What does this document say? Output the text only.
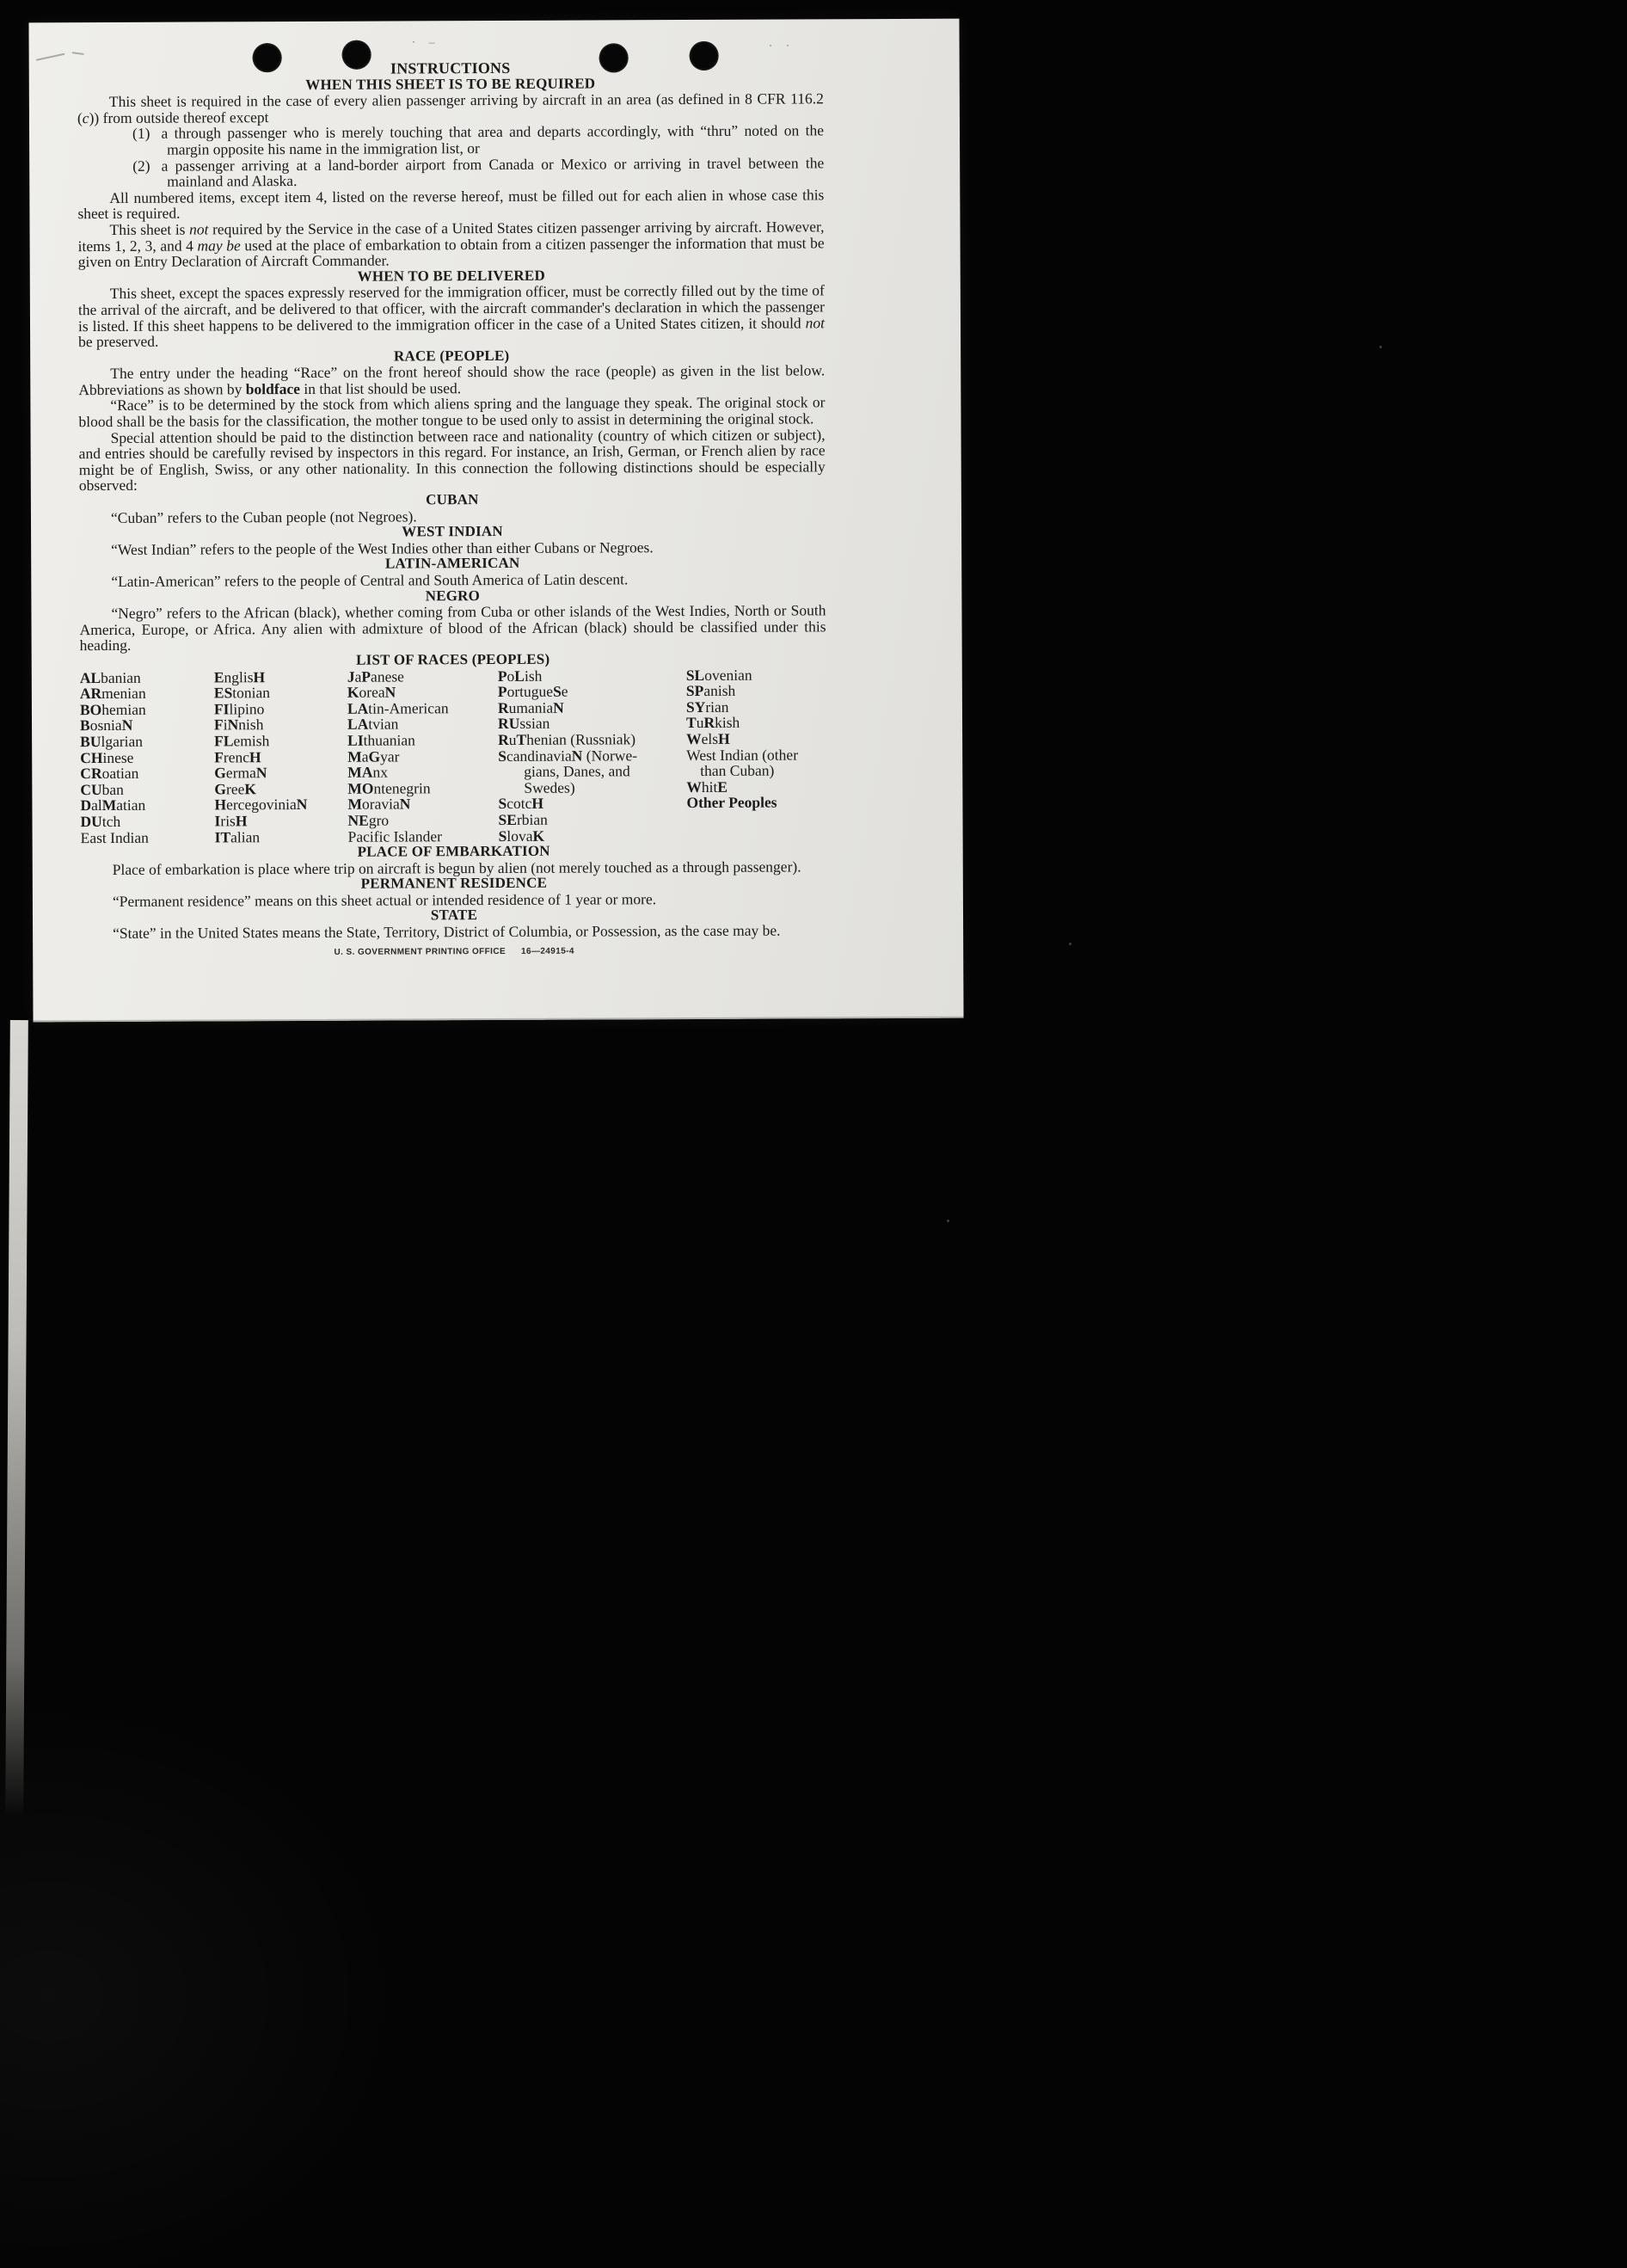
· ·
· –
INSTRUCTIONS
WHEN THIS SHEET IS TO BE REQUIRED
This sheet is required in the case of every alien passenger arriving by aircraft in an area (as defined in 8 CFR 116.2 (c)) from outside thereof except
(1) a through passenger who is merely touching that area and departs accordingly, with “thru” noted on the margin opposite his name in the immigration list, or
(2) a passenger arriving at a land-border airport from Canada or Mexico or arriving in travel between the mainland and Alaska.
All numbered items, except item 4, listed on the reverse hereof, must be filled out for each alien in whose case this sheet is required.
This sheet is not required by the Service in the case of a United States citizen passenger arriving by aircraft. However, items 1, 2, 3, and 4 may be used at the place of embarkation to obtain from a citizen passenger the information that must be given on Entry Declaration of Aircraft Commander.
WHEN TO BE DELIVERED
This sheet, except the spaces expressly reserved for the immigration officer, must be correctly filled out by the time of the arrival of the aircraft, and be delivered to that officer, with the aircraft commander's declaration in which the passenger is listed. If this sheet happens to be delivered to the immigration officer in the case of a United States citizen, it should not be preserved.
RACE (PEOPLE)
The entry under the heading “Race” on the front hereof should show the race (people) as given in the list below. Abbreviations as shown by boldface in that list should be used.
“Race” is to be determined by the stock from which aliens spring and the language they speak. The original stock or blood shall be the basis for the classification, the mother tongue to be used only to assist in determining the original stock.
Special attention should be paid to the distinction between race and nationality (country of which citizen or subject), and entries should be carefully revised by inspectors in this regard. For instance, an Irish, German, or French alien by race might be of English, Swiss, or any other nationality. In this connection the following distinctions should be especially observed:
CUBAN
“Cuban” refers to the Cuban people (not Negroes).
WEST INDIAN
“West Indian” refers to the people of the West Indies other than either Cubans or Negroes.
LATIN-AMERICAN
“Latin-American” refers to the people of Central and South America of Latin descent.
NEGRO
“Negro” refers to the African (black), whether coming from Cuba or other islands of the West Indies, North or South America, Europe, or Africa. Any alien with admixture of blood of the African (black) should be classified under this heading.
LIST OF RACES (PEOPLES)
ALbanian
ARmenian
BOhemian
BosniaN
BUlgarian
CHinese
CRoatian
CUban
DalMatian
DUtch
East Indian
EnglisH
EStonian
FIlipino
FiNnish
FLemish
FrencH
GermaN
GreeK
HercegoviniaN
IrisH
ITalian
JaPanese
KoreaN
LAtin-American
LAtvian
LIthuanian
MaGyar
MAnx
MOntenegrin
MoraviaN
NEgro
Pacific Islander
PoLish
PortugueSe
RumaniaN
RUssian
RuThenian (Russniak)
ScandinaviaN (Norwe-
gians, Danes, and
Swedes)
ScotcH
SErbian
SlovaK
SLovenian
SPanish
SYrian
TuRkish
WelsH
West Indian (other
than Cuban)
WhitE
Other Peoples
PLACE OF EMBARKATION
Place of embarkation is place where trip on aircraft is begun by alien (not merely touched as a through passenger).
PERMANENT RESIDENCE
“Permanent residence” means on this sheet actual or intended residence of 1 year or more.
STATE
“State” in the United States means the State, Territory, District of Columbia, or Possession, as the case may be.
U. S. GOVERNMENT PRINTING OFFICE 16—24915-4
